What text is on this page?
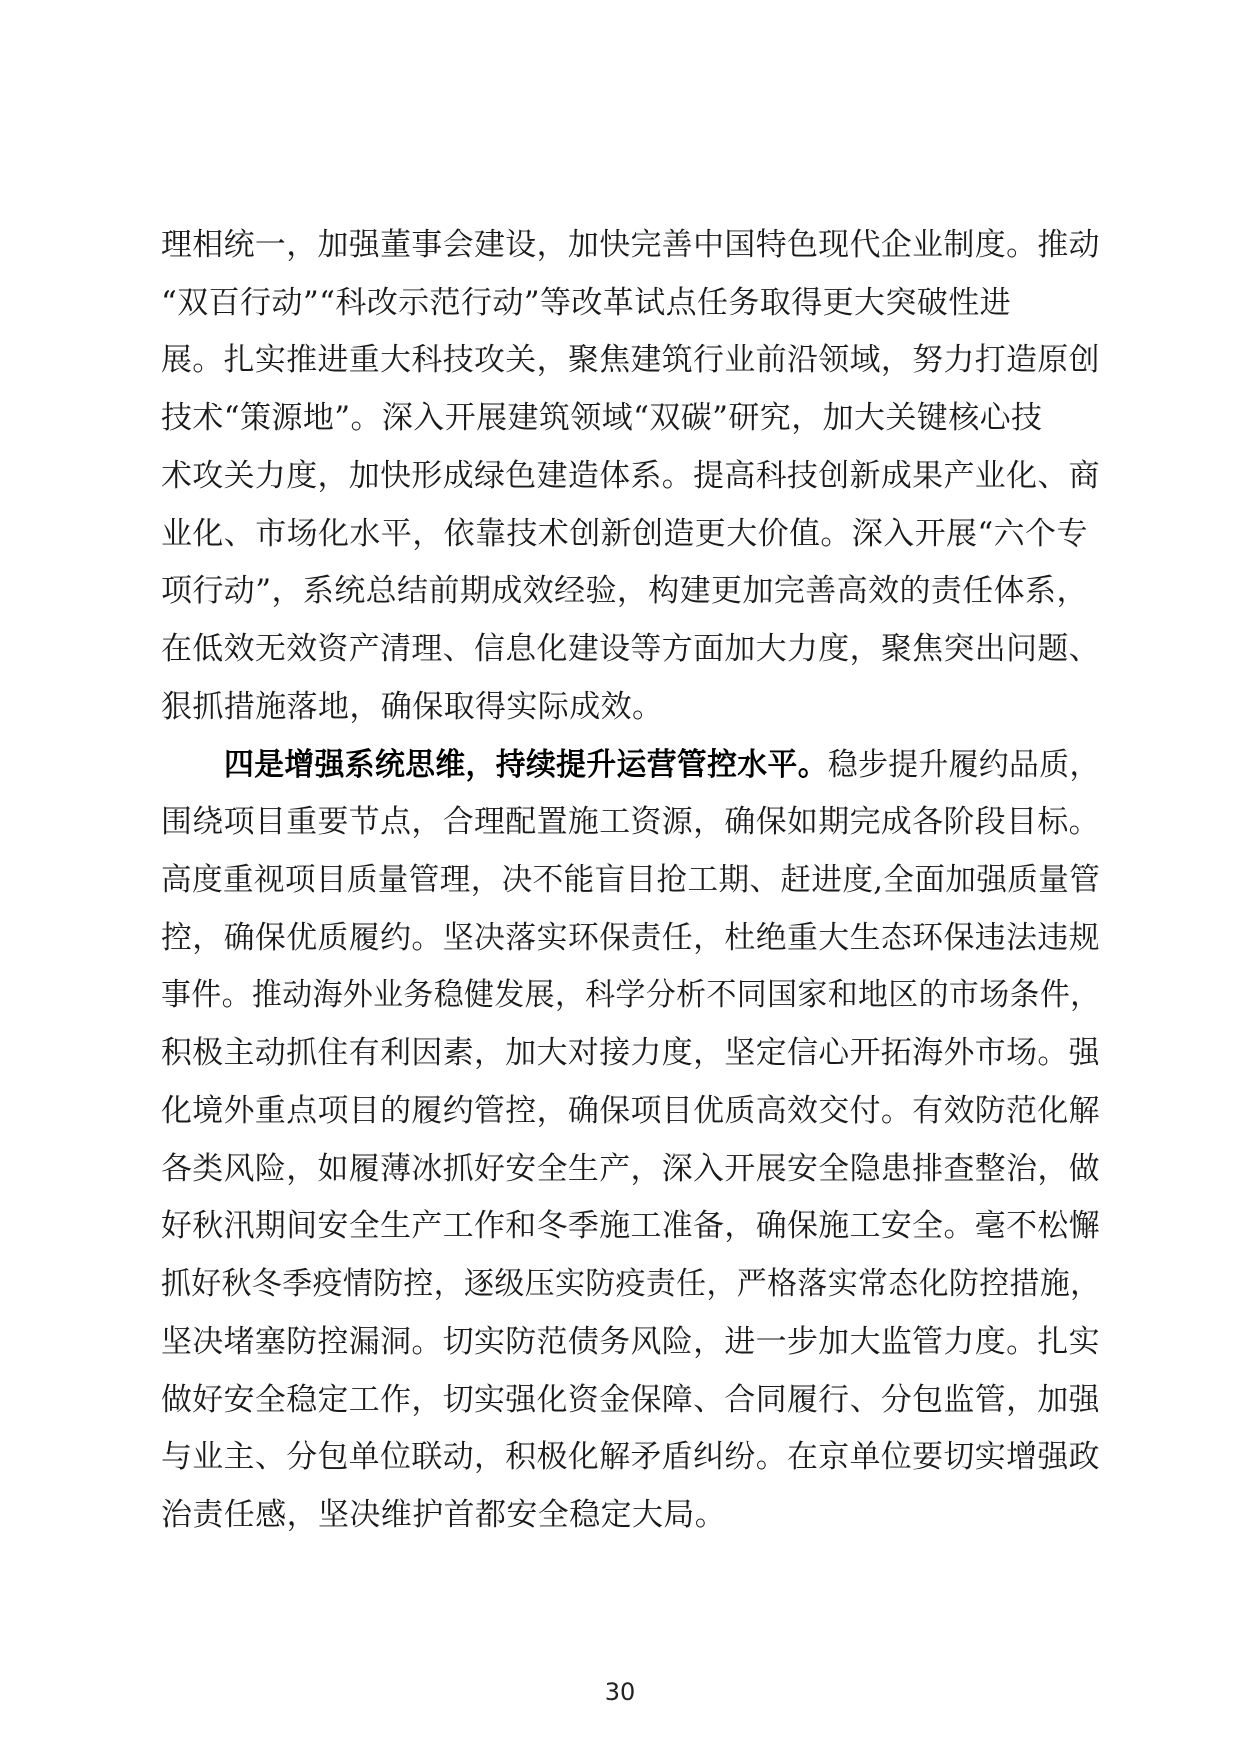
理相统一，加强董事会建设，加快完善中国特色现代企业制度。推动
“双百行动”“科改示范行动”等改革试点任务取得更大突破性进
展。扎实推进重大科技攻关，聚焦建筑行业前沿领域，努力打造原创
技术“策源地”。深入开展建筑领域“双碳”研究，加大关键核心技
术攻关力度，加快形成绿色建造体系。提高科技创新成果产业化、商
业化、市场化水平，依靠技术创新创造更大价值。深入开展“六个专
项行动”，系统总结前期成效经验，构建更加完善高效的责任体系，
在低效无效资产清理、信息化建设等方面加大力度，聚焦突出问题、
狠抓措施落地，确保取得实际成效。
四是增强系统思维，持续提升运营管控水平。稳步提升履约品质，
围绕项目重要节点，合理配置施工资源，确保如期完成各阶段目标。
高度重视项目质量管理，决不能盲目抢工期、赶进度,全面加强质量管
控，确保优质履约。坚决落实环保责任，杜绝重大生态环保违法违规
事件。推动海外业务稳健发展，科学分析不同国家和地区的市场条件，
积极主动抓住有利因素，加大对接力度，坚定信心开拓海外市场。强
化境外重点项目的履约管控，确保项目优质高效交付。有效防范化解
各类风险，如履薄冰抓好安全生产，深入开展安全隐患排查整治，做
好秋汛期间安全生产工作和冬季施工准备，确保施工安全。毫不松懈
抓好秋冬季疫情防控，逐级压实防疫责任，严格落实常态化防控措施，
坚决堵塞防控漏洞。切实防范债务风险，进一步加大监管力度。扎实
做好安全稳定工作，切实强化资金保障、合同履行、分包监管，加强
与业主、分包单位联动，积极化解矛盾纠纷。在京单位要切实增强政
治责任感，坚决维护首都安全稳定大局。
30
